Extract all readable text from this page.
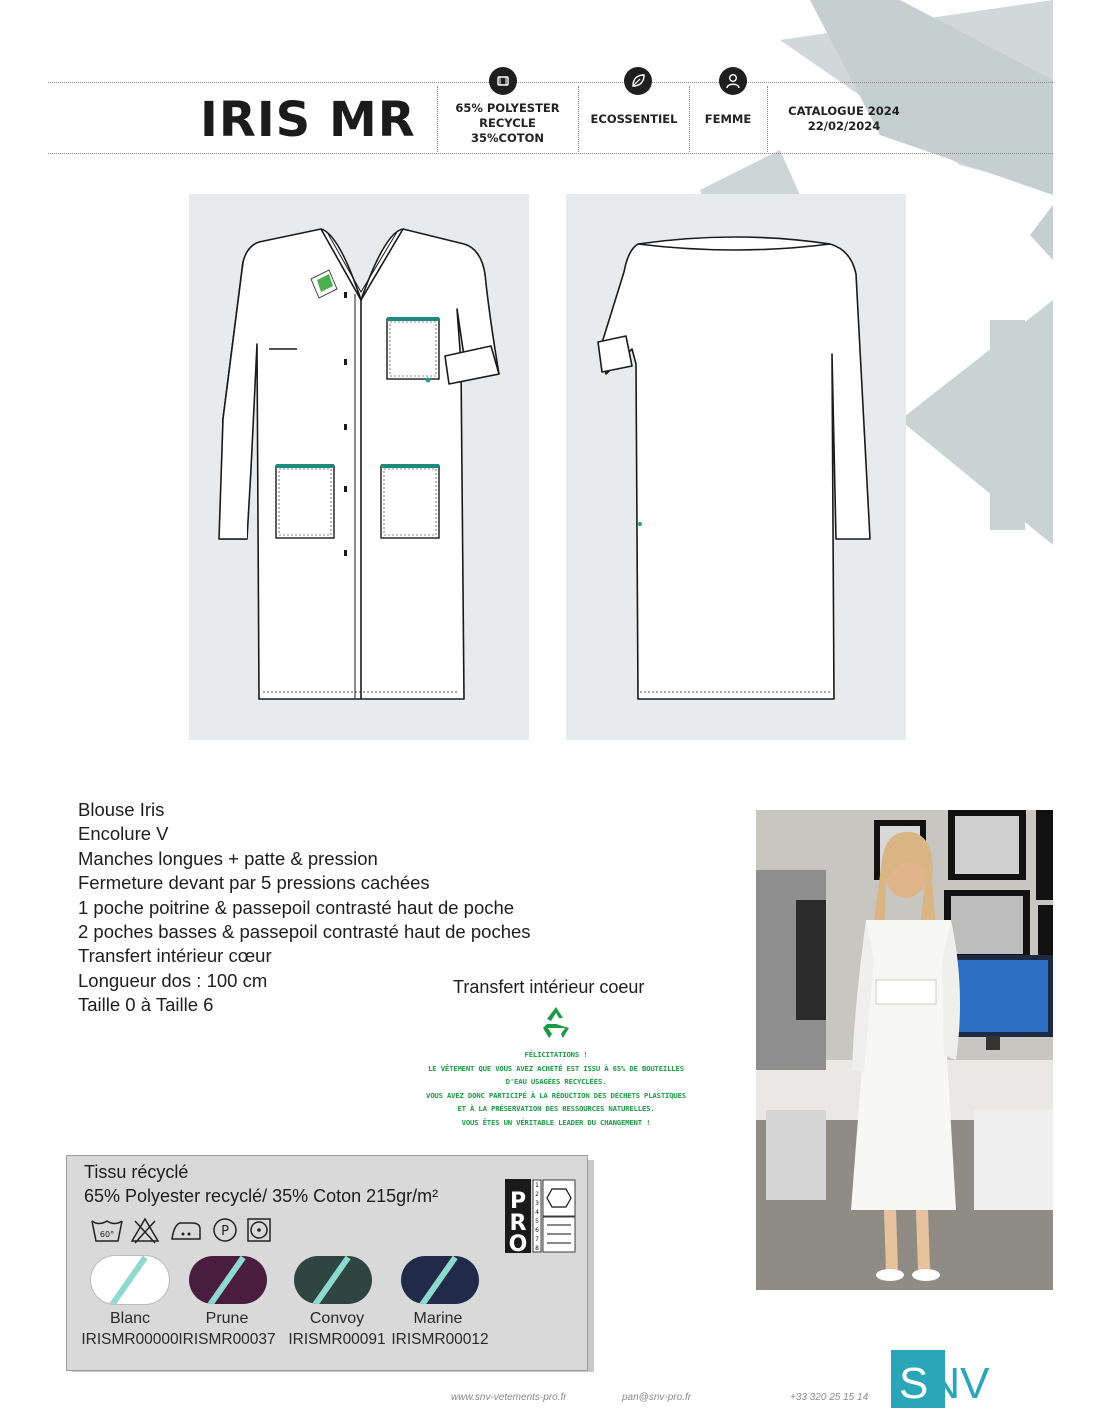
IRIS MR	65% POLYESTER
RECYCLE
35%COTON
ECOSSENTIEL	FEMME
CATALOGUE 2024
22/02/2024
Blouse Iris
Encolure V
Manches longues + patte & pression
Fermeture devant par 5 pressions cachées
1 poche poitrine & passepoil contrasté haut de poche
2 poches basses & passepoil contrasté haut de poches
Transfert intérieur cœur
Longueur dos : 100 cm
Taille 0 à Taille 6
Transfert intérieur coeur
FÉLICITATIONS !
LE VÊTEMENT QUE VOUS AVEZ ACHETÉ EST ISSU À 65% DE BOUTEILLES
D'EAU USAGÉES RECYCLÉES.
VOUS AVEZ DONC PARTICIPÉ À LA RÉDUCTION DES DÉCHETS PLASTIQUES
ET À LA PRÉSERVATION DES RESSOURCES NATURELLES.
VOUS ÊTES UN VÉRITABLE LEADER DU CHANGEMENT !
Tissu récyclé
65% Polyester recyclé/ 35% Coton 215gr/m²
60°	P
P
R
O
1
2
3
4
5
6
7
8
Blanc	Prune	Convoy	Marine
IRISMR00000 IRISMR00037 IRISMR00091 IRISMR00012
www.snv-vetements-pro.fr	pan@snv-pro.fr	+33 320 25 15 14 SNV
